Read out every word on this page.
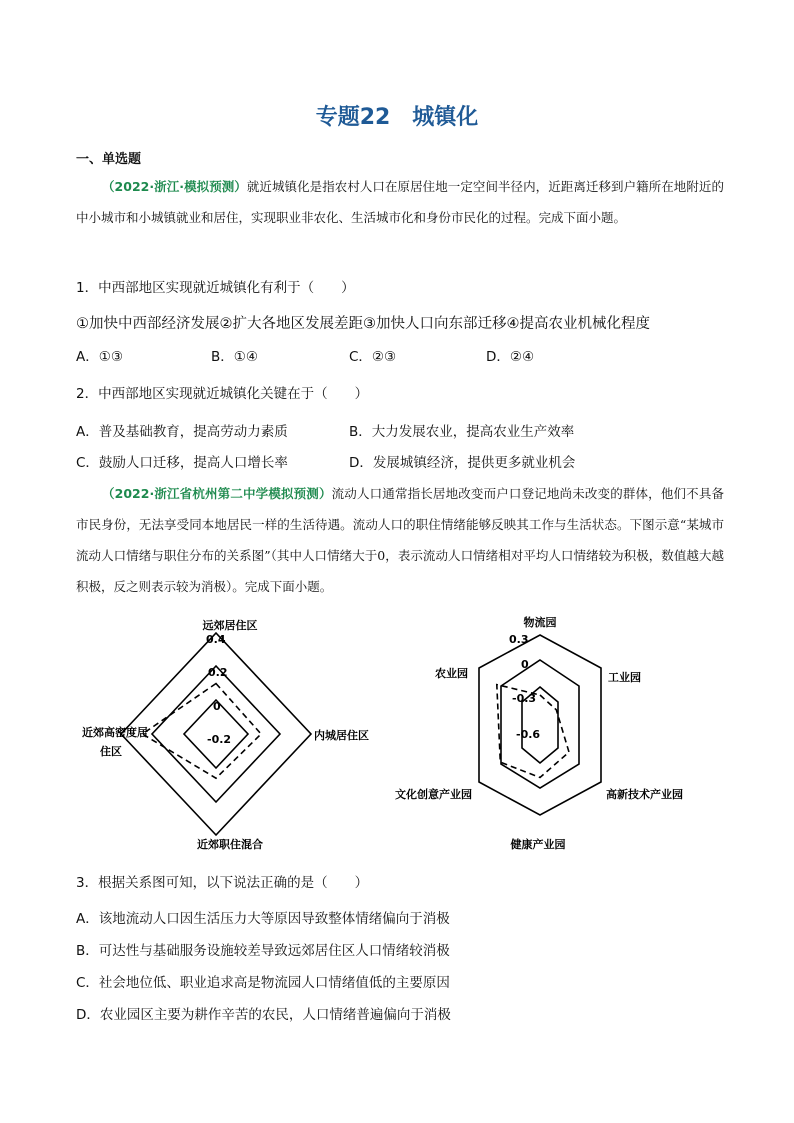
专题22　城镇化
一、单选题
（2022·浙江·模拟预测）就近城镇化是指农村人口在原居住地一定空间半径内，近距离迁移到户籍所在地附近的中小城市和小城镇就业和居住，实现职业非农化、生活城市化和身份市民化的过程。完成下面小题。
1．中西部地区实现就近城镇化有利于（　　）
①加快中西部经济发展②扩大各地区发展差距③加快人口向东部迁移④提高农业机械化程度
A．①③	B．①④	C．②③	D．②④
2．中西部地区实现就近城镇化关键在于（　　）
A．普及基础教育，提高劳动力素质	B．大力发展农业，提高农业生产效率
C．鼓励人口迁移，提高人口增长率	D．发展城镇经济，提供更多就业机会
（2022·浙江省杭州第二中学模拟预测）流动人口通常指长居地改变而户口登记地尚未改变的群体，他们不具备市民身份，无法享受同本地居民一样的生活待遇。流动人口的职住情绪能够反映其工作与生活状态。下图示意“某城市流动人口情绪与职住分布的关系图”（其中人口情绪大于0，表示流动人口情绪相对平均人口情绪较为积极，数值越大越积极，反之则表示较为消极）。完成下面小题。
远郊居住区
内城居住区
近郊职住混合
近郊高密度居
住区
0.4
0.2
0
-0.2
物流园
工业园
高新技术产业园
健康产业园
文化创意产业园
农业园
0.3
0
-0.3
-0.6
3．根据关系图可知，以下说法正确的是（　　）
A．该地流动人口因生活压力大等原因导致整体情绪偏向于消极
B．可达性与基础服务设施较差导致远郊居住区人口情绪较消极
C．社会地位低、职业追求高是物流园人口情绪值低的主要原因
D．农业园区主要为耕作辛苦的农民，人口情绪普遍偏向于消极
